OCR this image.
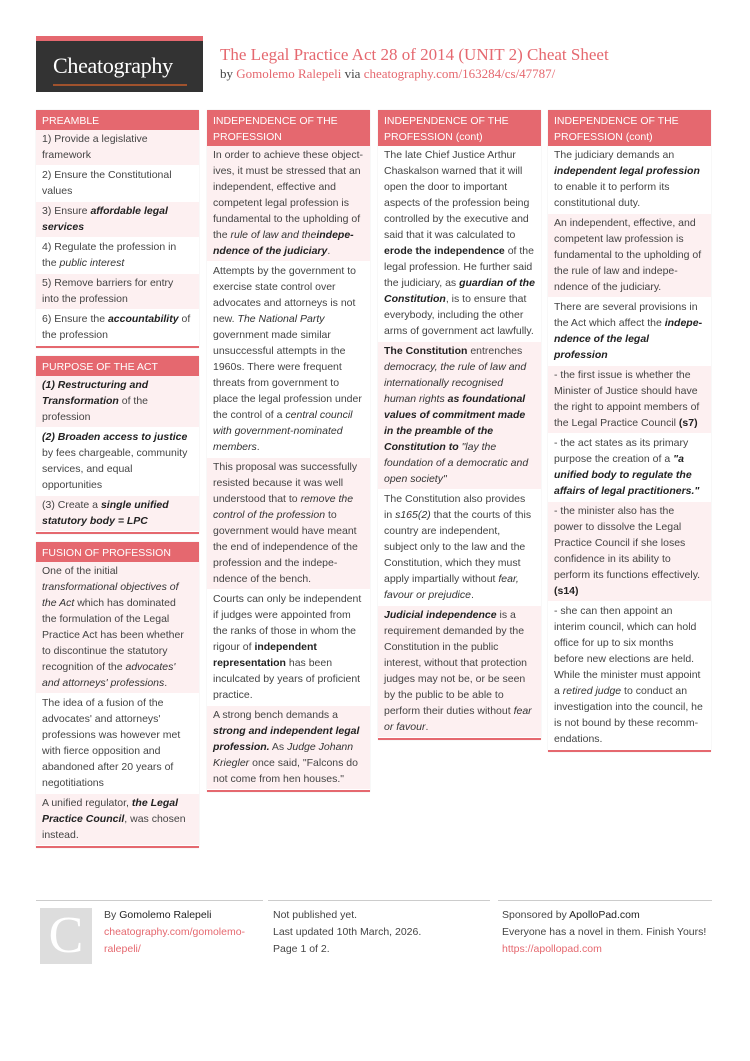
Cheatography	The Legal Practice Act 28 of 2014 (UNIT 2) Cheat Sheet
by Gomolemo Ralepeli via cheatography.com/163284/cs/47787/
PREAMBLE
1) Provide a legislative framework
2) Ensure the Constitutional values
3) Ensure affordable legal services
4) Regulate the profession in the public interest
5) Remove barriers for entry into the profession
6) Ensure the accountability of the profession
PURPOSE OF THE ACT
(1) Restructuring and Transformation of the profession
(2) Broaden access to justice by fees chargeable, community services, and equal opportunities
(3) Create a single unified statutory body = LPC
FUSION OF PROFESSION
One of the initial transformational objectives of the Act which has dominated the formulation of the Legal Practice Act has been whether to discontinue the statutory recognition of the advocates' and attorneys' professions.
The idea of a fusion of the advocates' and attorneys' professions was however met with fierce opposition and abandoned after 20 years of negotitiations
A unified regulator, the Legal Practice Council, was chosen instead.
INDEPENDENCE OF THE PROFESSION
In order to achieve these objectives, it must be stressed that an independent, effective and competent legal profession is fundamental to the upholding of the rule of law and theindependence of the judiciary.
Attempts by the government to exercise state control over advocates and attorneys is not new. The National Party government made similar unsuccessful attempts in the 1960s. There were frequent threats from government to place the legal profession under the control of a central council with government-nominated members.
This proposal was successfully resisted because it was well understood that to remove the control of the profession to government would have meant the end of independence of the profession and the independence of the bench.
Courts can only be independent if judges were appointed from the ranks of those in whom the rigour of independent representation has been inculcated by years of proficient practice.
A strong bench demands a strong and independent legal profession. As Judge Johann Kriegler once said, "Falcons do not come from hen houses."
INDEPENDENCE OF THE PROFESSION (cont)
The late Chief Justice Arthur Chaskalson warned that it will open the door to important aspects of the profession being controlled by the executive and said that it was calculated to erode the independence of the legal profession. He further said the judiciary, as guardian of the Constitution, is to ensure that everybody, including the other arms of government act lawfully.
The Constitution entrenches democracy, the rule of law and internationally recognised human rights as foundational values of commitment made in the preamble of the Constitution to "lay the foundation of a democratic and open society"
The Constitution also provides in s165(2) that the courts of this country are independent, subject only to the law and the Constitution, which they must apply impartially without fear, favour or prejudice.
Judicial independence is a requirement demanded by the Constitution in the public interest, without that protection judges may not be, or be seen by the public to be able to perform their duties without fear or favour.
INDEPENDENCE OF THE PROFESSION (cont)
The judiciary demands an independent legal profession to enable it to perform its constitutional duty.
An independent, effective, and competent law profession is fundamental to the upholding of the rule of law and independence of the judiciary.
There are several provisions in the Act which affect the independence of the legal profession
- the first issue is whether the Minister of Justice should have the right to appoint members of the Legal Practice Council (s7)
- the act states as its primary purpose the creation of a "a unified body to regulate the affairs of legal practitioners."
- the minister also has the power to dissolve the Legal Practice Council if she loses confidence in its ability to perform its functions effectively. (s14)
- she can then appoint an interim council, which can hold office for up to six months before new elections are held. While the minister must appoint a retired judge to conduct an investigation into the council, he is not bound by these recommendations.
C	By Gomolemo Ralepeli
cheatography.com/gomolemo-ralepeli/
Not published yet.
Last updated 10th March, 2026.
Page 1 of 2.
Sponsored by ApolloPad.com
Everyone has a novel in them. Finish Yours!
https://apollopad.com
